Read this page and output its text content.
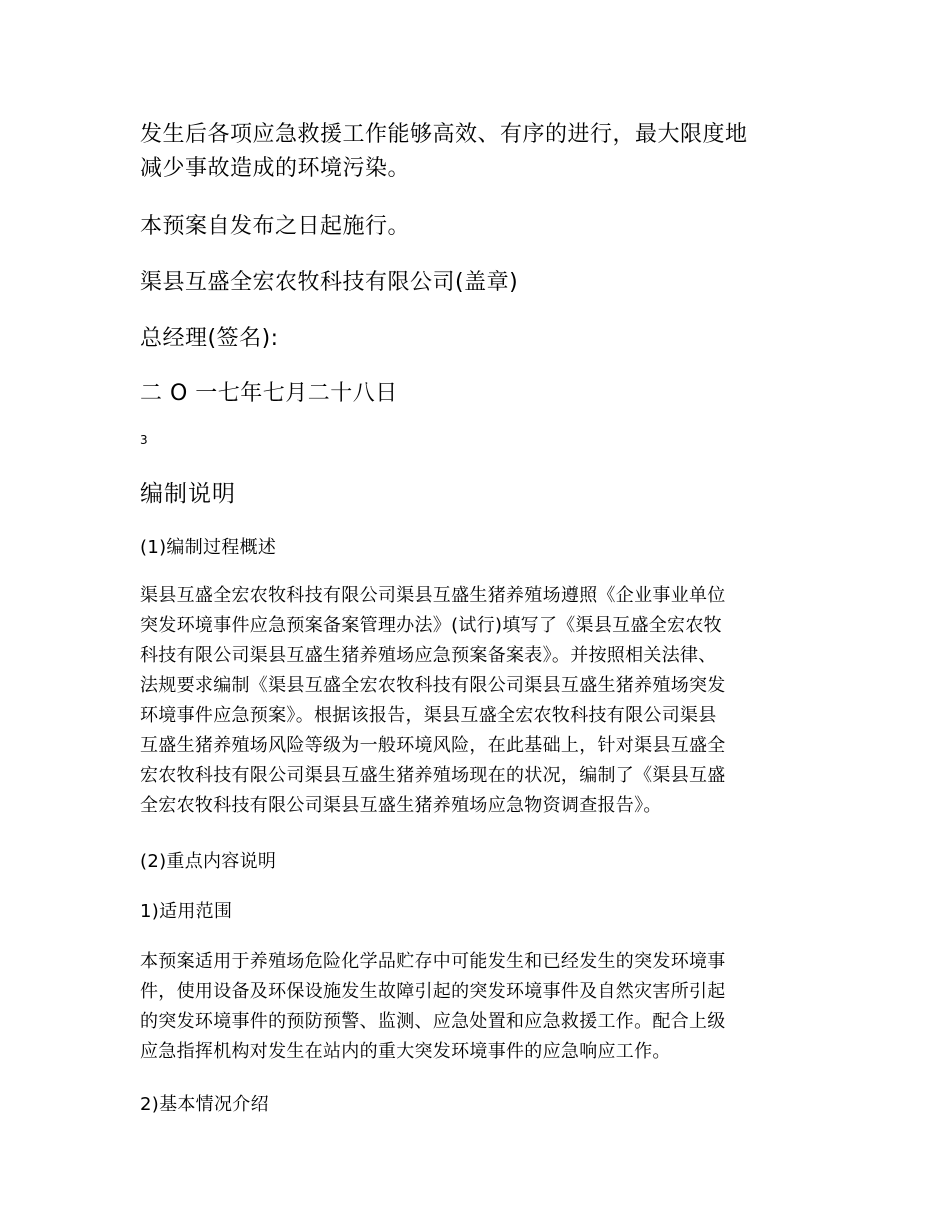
发生后各项应急救援工作能够高效、有序的进行，最大限度地
减少事故造成的环境污染。

本预案自发布之日起施行。

渠县互盛全宏农牧科技有限公司(盖章)

总经理(签名):

二 O 一七年七月二十八日

3

编制说明

(1)编制过程概述

渠县互盛全宏农牧科技有限公司渠县互盛生猪养殖场遵照《企业事业单位
突发环境事件应急预案备案管理办法》(试行)填写了《渠县互盛全宏农牧
科技有限公司渠县互盛生猪养殖场应急预案备案表》。并按照相关法律、
法规要求编制《渠县互盛全宏农牧科技有限公司渠县互盛生猪养殖场突发
环境事件应急预案》。根据该报告，渠县互盛全宏农牧科技有限公司渠县
互盛生猪养殖场风险等级为一般环境风险，在此基础上，针对渠县互盛全
宏农牧科技有限公司渠县互盛生猪养殖场现在的状况，编制了《渠县互盛
全宏农牧科技有限公司渠县互盛生猪养殖场应急物资调查报告》。

(2)重点内容说明

1)适用范围

本预案适用于养殖场危险化学品贮存中可能发生和已经发生的突发环境事
件，使用设备及环保设施发生故障引起的突发环境事件及自然灾害所引起
的突发环境事件的预防预警、监测、应急处置和应急救援工作。配合上级
应急指挥机构对发生在站内的重大突发环境事件的应急响应工作。

2)基本情况介绍
